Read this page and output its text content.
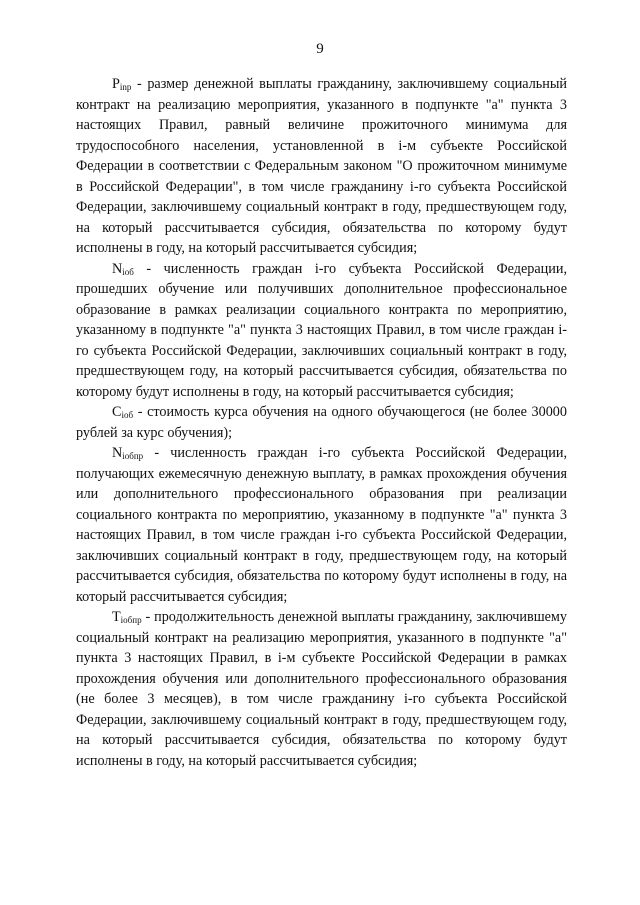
9

Pinp - размер денежной выплаты гражданину, заключившему социальный контракт на реализацию мероприятия, указанного в подпункте "а" пункта 3 настоящих Правил, равный величине прожиточного минимума для трудоспособного населения, установленной в i-м субъекте Российской Федерации в соответствии с Федеральным законом "О прожиточном минимуме в Российской Федерации", в том числе гражданину i-го субъекта Российской Федерации, заключившему социальный контракт в году, предшествующем году, на который рассчитывается субсидия, обязательства по которому будут исполнены в году, на который рассчитывается субсидия;

Niоб - численность граждан i-го субъекта Российской Федерации, прошедших обучение или получивших дополнительное профессиональное образование в рамках реализации социального контракта по мероприятию, указанному в подпункте "а" пункта 3 настоящих Правил, в том числе граждан i-го субъекта Российской Федерации, заключивших социальный контракт в году, предшествующем году, на который рассчитывается субсидия, обязательства по которому будут исполнены в году, на который рассчитывается субсидия;

Ciоб - стоимость курса обучения на одного обучающегося (не более 30000 рублей за курс обучения);

Niобпр - численность граждан i-го субъекта Российской Федерации, получающих ежемесячную денежную выплату, в рамках прохождения обучения или дополнительного профессионального образования при реализации социального контракта по мероприятию, указанному в подпункте "а" пункта 3 настоящих Правил, в том числе граждан i-го субъекта Российской Федерации, заключивших социальный контракт в году, предшествующем году, на который рассчитывается субсидия, обязательства по которому будут исполнены в году, на который рассчитывается субсидия;

Tiобпр - продолжительность денежной выплаты гражданину, заключившему социальный контракт на реализацию мероприятия, указанного в подпункте "а" пункта 3 настоящих Правил, в i-м субъекте Российской Федерации в рамках прохождения обучения или дополнительного профессионального образования (не более 3 месяцев), в том числе гражданину i-го субъекта Российской Федерации, заключившему социальный контракт в году, предшествующем году, на который рассчитывается субсидия, обязательства по которому будут исполнены в году, на который рассчитывается субсидия;
